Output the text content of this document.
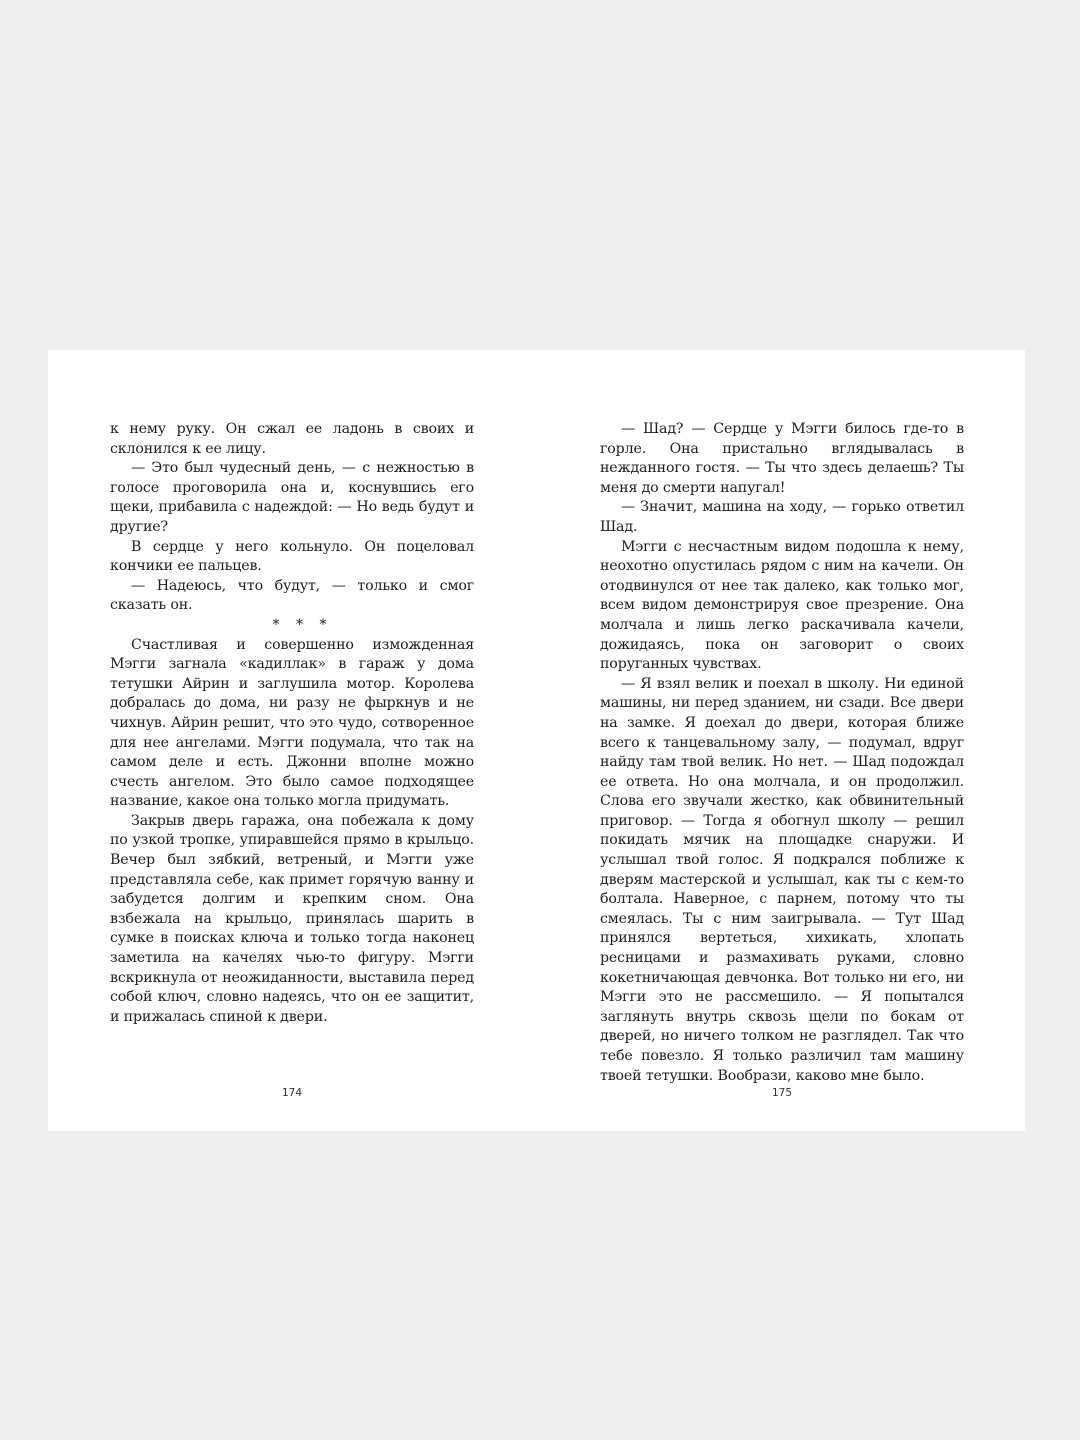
к нему руку. Он сжал ее ладонь в своих и склонился к ее лицу.

— Это был чудесный день, — с нежностью в голосе проговорила она и, коснувшись его щеки, прибавила с надеждой: — Но ведь будут и другие?

В сердце у него кольнуло. Он поцеловал кончики ее пальцев.

— Надеюсь, что будут, — только и смог сказать он.

* * *

Счастливая и совершенно изможденная Мэгги загнала «кадиллак» в гараж у дома тетушки Айрин и заглушила мотор. Королева добралась до дома, ни разу не фыркнув и не чихнув. Айрин решит, что это чудо, сотворенное для нее ангелами. Мэгги подумала, что так на самом деле и есть. Джонни вполне можно счесть ангелом. Это было самое подходящее название, какое она только могла придумать.

Закрыв дверь гаража, она побежала к дому по узкой тропке, упиравшейся прямо в крыльцо. Вечер был зябкий, ветреный, и Мэгги уже представляла себе, как примет горячую ванну и забудется долгим и крепким сном. Она взбежала на крыльцо, принялась шарить в сумке в поисках ключа и только тогда наконец заметила на качелях чью-то фигуру. Мэгги вскрикнула от неожиданности, выставила перед собой ключ, словно надеясь, что он ее защитит, и прижалась спиной к двери.

— Шад? — Сердце у Мэгги билось где-то в горле. Она пристально вглядывалась в нежданного гостя. — Ты что здесь делаешь? Ты меня до смерти напугал!

— Значит, машина на ходу, — горько ответил Шад.

Мэгги с несчастным видом подошла к нему, неохотно опустилась рядом с ним на качели. Он отодвинулся от нее так далеко, как только мог, всем видом демонстрируя свое презрение. Она молчала и лишь легко раскачивала качели, дожидаясь, пока он заговорит о своих поруганных чувствах.

— Я взял велик и поехал в школу. Ни единой машины, ни перед зданием, ни сзади. Все двери на замке. Я доехал до двери, которая ближе всего к танцевальному залу, — подумал, вдруг найду там твой велик. Но нет. — Шад подождал ее ответа. Но она молчала, и он продолжил. Слова его звучали жестко, как обвинительный приговор. — Тогда я обогнул школу — решил покидать мячик на площадке снаружи. И услышал твой голос. Я подкрался поближе к дверям мастерской и услышал, как ты с кем-то болтала. Наверное, с парнем, потому что ты смеялась. Ты с ним заигрывала. — Тут Шад принялся вертеться, хихикать, хлопать ресницами и размахивать руками, словно кокетничающая девчонка. Вот только ни его, ни Мэгги это не рассмешило. — Я попытался заглянуть внутрь сквозь щели по бокам от дверей, но ничего толком не разглядел. Так что тебе повезло. Я только различил там машину твоей тетушки. Вообрази, каково мне было.

174	175
